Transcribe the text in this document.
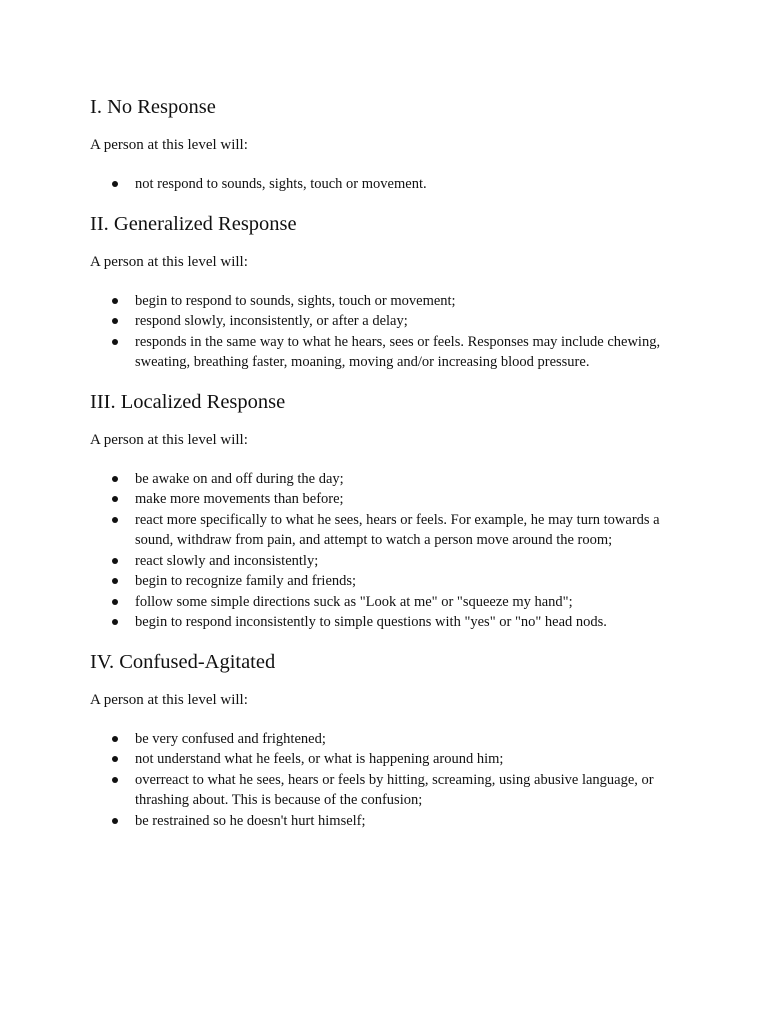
I. No Response

A person at this level will:

not respond to sounds, sights, touch or movement.
II. Generalized Response

A person at this level will:

begin to respond to sounds, sights, touch or movement;
respond slowly, inconsistently, or after a delay;
responds in the same way to what he hears, sees or feels. Responses may include chewing, sweating, breathing faster, moaning, moving and/or increasing blood pressure.
III. Localized Response

A person at this level will:

be awake on and off during the day;
make more movements than before;
react more specifically to what he sees, hears or feels. For example, he may turn towards a sound, withdraw from pain, and attempt to watch a person move around the room;
react slowly and inconsistently;
begin to recognize family and friends;
follow some simple directions suck as "Look at me" or "squeeze my hand";
begin to respond inconsistently to simple questions with "yes" or "no" head nods.
IV. Confused-Agitated

A person at this level will:

be very confused and frightened;
not understand what he feels, or what is happening around him;
overreact to what he sees, hears or feels by hitting, screaming, using abusive language, or thrashing about. This is because of the confusion;
be restrained so he doesn't hurt himself;
